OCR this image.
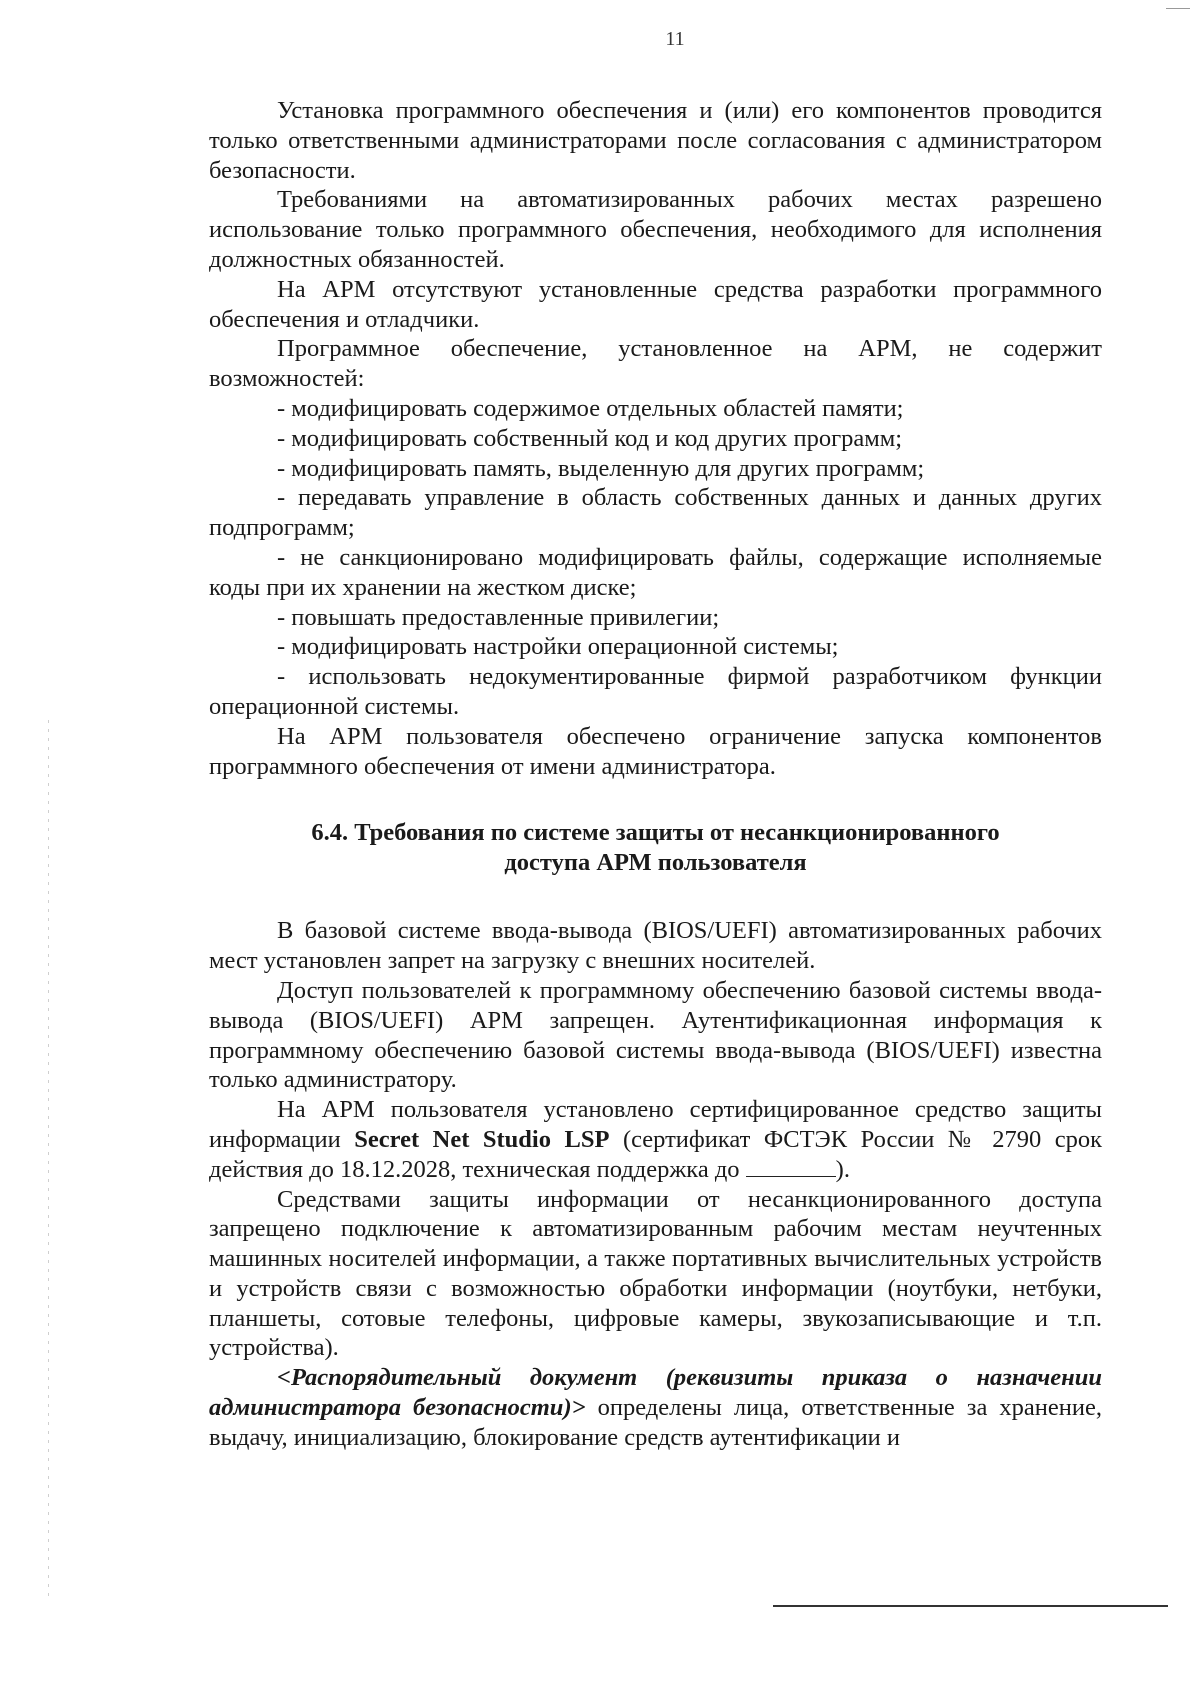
11

Установка программного обеспечения и (или) его компонентов проводится только ответственными администраторами после согласования с администратором безопасности.

Требованиями на автоматизированных рабочих местах разрешено использование только программного обеспечения, необходимого для исполнения должностных обязанностей.

На АРМ отсутствуют установленные средства разработки программного обеспечения и отладчики.

Программное обеспечение, установленное на АРМ, не содержит возможностей:

- модифицировать содержимое отдельных областей памяти;

- модифицировать собственный код и код других программ;

- модифицировать память, выделенную для других программ;

- передавать управление в область собственных данных и данных других подпрограмм;

- не санкционировано модифицировать файлы, содержащие исполняемые коды при их хранении на жестком диске;

- повышать предоставленные привилегии;

- модифицировать настройки операционной системы;

- использовать недокументированные фирмой разработчиком функции операционной системы.

На АРМ пользователя обеспечено ограничение запуска компонентов программного обеспечения от имени администратора.

6.4. Требования по системе защиты от несанкционированного
доступа АРМ пользователя

В базовой системе ввода-вывода (BIOS/UEFI) автоматизированных рабочих мест установлен запрет на загрузку с внешних носителей.

Доступ пользователей к программному обеспечению базовой системы ввода-вывода (BIOS/UEFI) АРМ запрещен. Аутентификационная информация к программному обеспечению базовой системы ввода-вывода (BIOS/UEFI) известна только администратору.

На АРМ пользователя установлено сертифицированное средство защиты информации Secret Net Studio LSP (сертификат ФСТЭК России № 2790 срок действия до 18.12.2028, техническая поддержка до	).

Средствами защиты информации от несанкционированного доступа запрещено подключение к автоматизированным рабочим местам неучтенных машинных носителей информации, а также портативных вычислительных устройств и устройств связи с возможностью обработки информации (ноутбуки, нетбуки, планшеты, сотовые телефоны, цифровые камеры, звукозаписывающие и т.п. устройства).

<Распорядительный документ (реквизиты приказа о назначении администратора безопасности)> определены лица, ответственные за хранение, выдачу, инициализацию, блокирование средств аутентификации и
